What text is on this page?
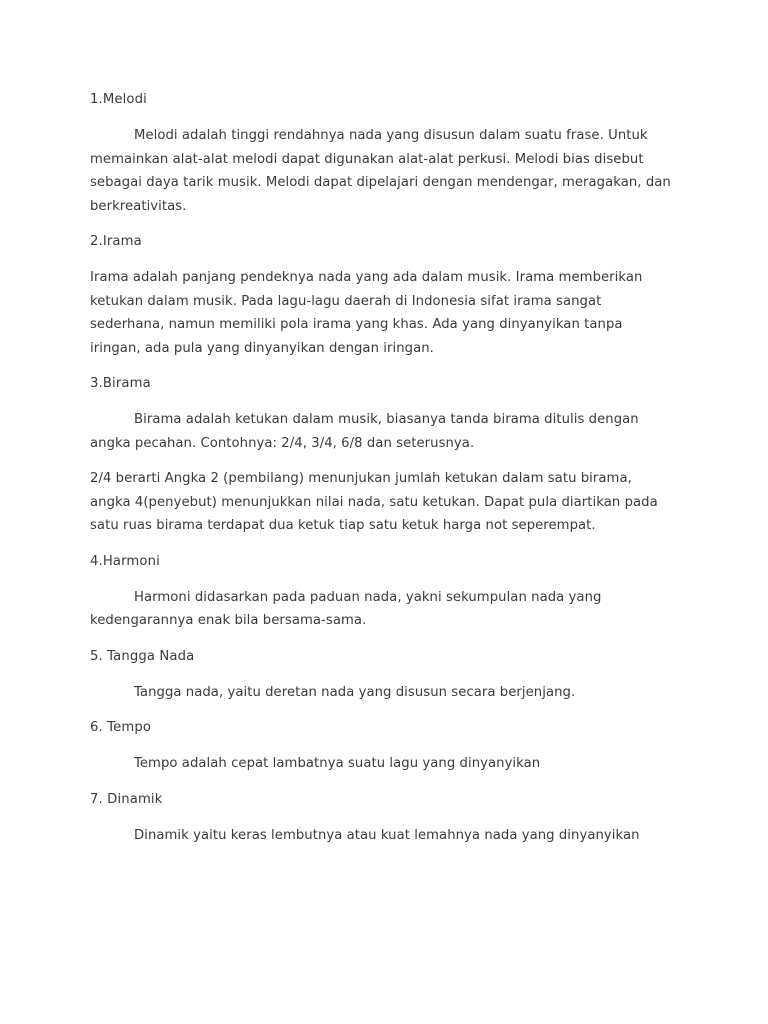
1.Melodi

Melodi adalah tinggi rendahnya nada yang disusun dalam suatu frase. Untuk memainkan alat-alat melodi dapat digunakan alat-alat perkusi. Melodi bias disebut sebagai daya tarik musik. Melodi dapat dipelajari dengan mendengar, meragakan, dan berkreativitas.

2.Irama

Irama adalah panjang pendeknya nada yang ada dalam musik. Irama memberikan ketukan dalam musik. Pada lagu-lagu daerah di Indonesia sifat irama sangat sederhana, namun memiliki pola irama yang khas. Ada yang dinyanyikan tanpa iringan, ada pula yang dinyanyikan dengan iringan.

3.Birama

Birama adalah ketukan dalam musik, biasanya tanda birama ditulis dengan angka pecahan. Contohnya: 2/4, 3/4, 6/8 dan seterusnya.

2/4 berarti Angka 2 (pembilang) menunjukan jumlah ketukan dalam satu birama, angka 4(penyebut) menunjukkan nilai nada, satu ketukan. Dapat pula diartikan pada satu ruas birama terdapat dua ketuk tiap satu ketuk harga not seperempat.

4.Harmoni

Harmoni didasarkan pada paduan nada, yakni sekumpulan nada yang kedengarannya enak bila bersama-sama.

5. Tangga Nada

Tangga nada, yaitu deretan nada yang disusun secara berjenjang.

6. Tempo

Tempo adalah cepat lambatnya suatu lagu yang dinyanyikan

7. Dinamik

Dinamik yaitu keras lembutnya atau kuat lemahnya nada yang dinyanyikan
